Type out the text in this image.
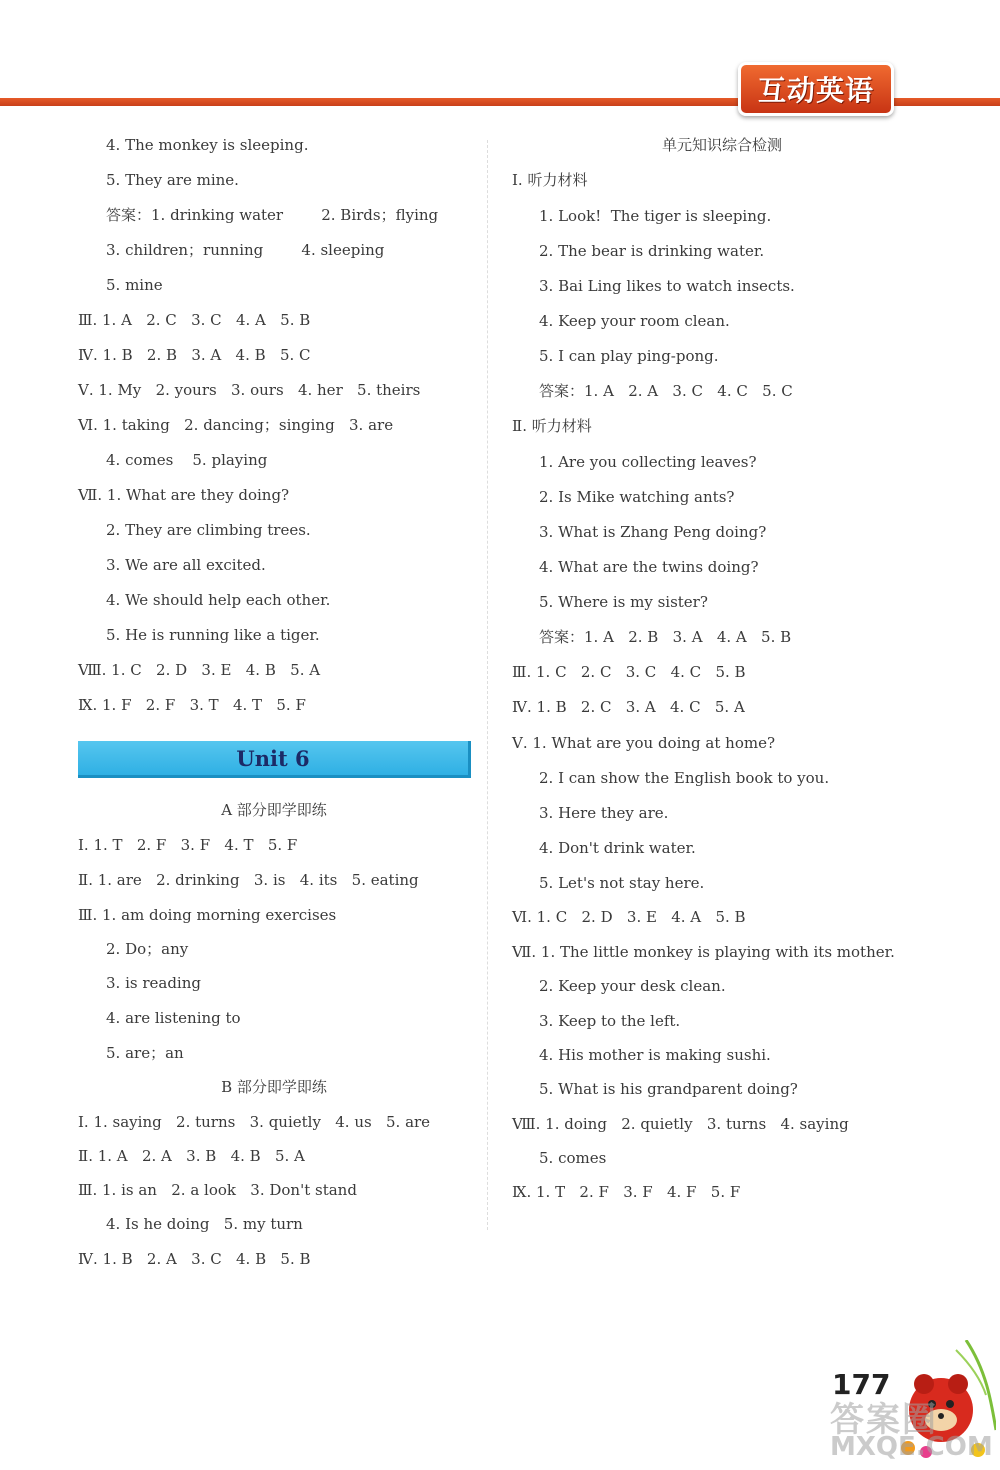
互动英语
4. The monkey is sleeping.
5. They are mine.
答案：1. drinking water        2. Birds；flying
3. children；running        4. sleeping
5. mine
Ⅲ. 1. A   2. C   3. C   4. A   5. B
Ⅳ. 1. B   2. B   3. A   4. B   5. C
Ⅴ. 1. My   2. yours   3. ours   4. her   5. theirs
Ⅵ. 1. taking   2. dancing；singing   3. are
4. comes    5. playing
Ⅶ. 1. What are they doing?
2. They are climbing trees.
3. We are all excited.
4. We should help each other.
5. He is running like a tiger.
Ⅷ. 1. C   2. D   3. E   4. B   5. A
Ⅸ. 1. F   2. F   3. T   4. T   5. F
Unit 6
A 部分即学即练
Ⅰ. 1. T   2. F   3. F   4. T   5. F
Ⅱ. 1. are   2. drinking   3. is   4. its   5. eating
Ⅲ. 1. am doing morning exercises
2. Do；any
3. is reading
4. are listening to
5. are；an
B 部分即学即练
Ⅰ. 1. saying   2. turns   3. quietly   4. us   5. are
Ⅱ. 1. A   2. A   3. B   4. B   5. A
Ⅲ. 1. is an   2. a look   3. Don't stand
4. Is he doing   5. my turn
Ⅳ. 1. B   2. A   3. C   4. B   5. B
单元知识综合检测
Ⅰ. 听力材料
1. Look!  The tiger is sleeping.
2. The bear is drinking water.
3. Bai Ling likes to watch insects.
4. Keep your room clean.
5. I can play ping-pong.
答案：1. A   2. A   3. C   4. C   5. C
Ⅱ. 听力材料
1. Are you collecting leaves?
2. Is Mike watching ants?
3. What is Zhang Peng doing?
4. What are the twins doing?
5. Where is my sister?
答案：1. A   2. B   3. A   4. A   5. B
Ⅲ. 1. C   2. C   3. C   4. C   5. B
Ⅳ. 1. B   2. C   3. A   4. C   5. A
Ⅴ. 1. What are you doing at home?
2. I can show the English book to you.
3. Here they are.
4. Don't drink water.
5. Let's not stay here.
Ⅵ. 1. C   2. D   3. E   4. A   5. B
Ⅶ. 1. The little monkey is playing with its mother.
2. Keep your desk clean.
3. Keep to the left.
4. His mother is making sushi.
5. What is his grandparent doing?
Ⅷ. 1. doing   2. quietly   3. turns   4. saying
5. comes
Ⅸ. 1. T   2. F   3. F   4. F   5. F
177
答案圈
MXQE.COM
